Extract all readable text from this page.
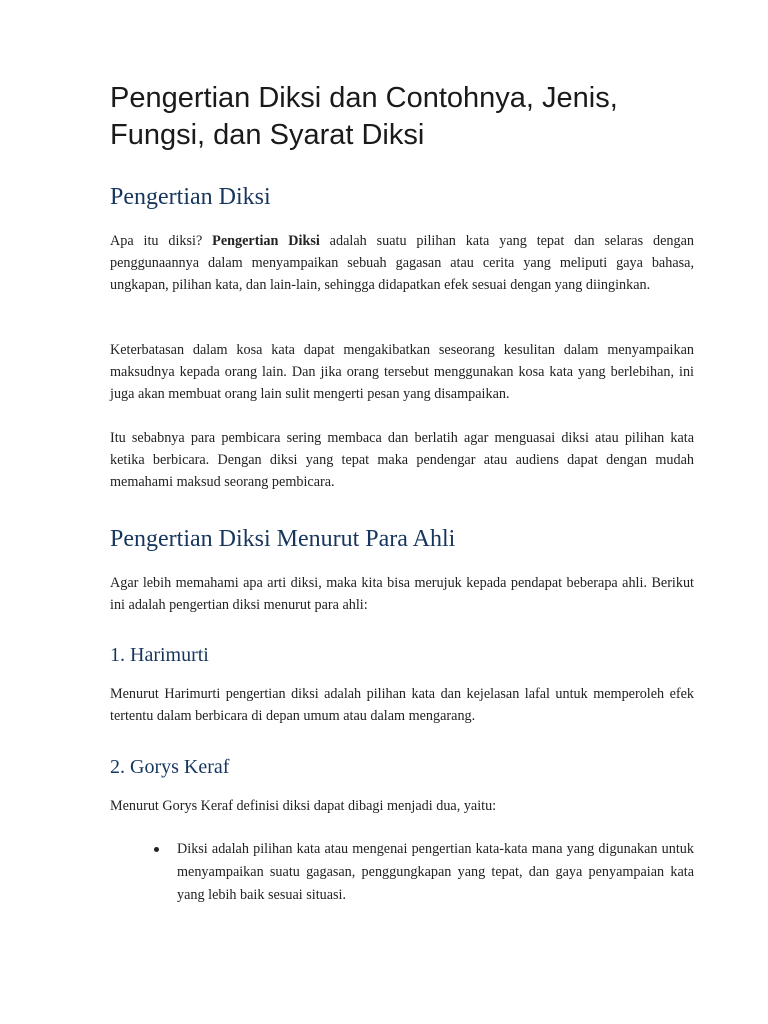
Pengertian Diksi dan Contohnya, Jenis, Fungsi, dan Syarat Diksi
Pengertian Diksi

Apa itu diksi? Pengertian Diksi adalah suatu pilihan kata yang tepat dan selaras dengan penggunaannya dalam menyampaikan sebuah gagasan atau cerita yang meliputi gaya bahasa, ungkapan, pilihan kata, dan lain-lain, sehingga didapatkan efek sesuai dengan yang diinginkan.

Keterbatasan dalam kosa kata dapat mengakibatkan seseorang kesulitan dalam menyampaikan maksudnya kepada orang lain. Dan jika orang tersebut menggunakan kosa kata yang berlebihan, ini juga akan membuat orang lain sulit mengerti pesan yang disampaikan.

Itu sebabnya para pembicara sering membaca dan berlatih agar menguasai diksi atau pilihan kata ketika berbicara. Dengan diksi yang tepat maka pendengar atau audiens dapat dengan mudah memahami maksud seorang pembicara.

Pengertian Diksi Menurut Para Ahli

Agar lebih memahami apa arti diksi, maka kita bisa merujuk kepada pendapat beberapa ahli. Berikut ini adalah pengertian diksi menurut para ahli:

1. Harimurti

Menurut Harimurti pengertian diksi adalah pilihan kata dan kejelasan lafal untuk memperoleh efek tertentu dalam berbicara di depan umum atau dalam mengarang.

2. Gorys Keraf

Menurut Gorys Keraf definisi diksi dapat dibagi menjadi dua, yaitu:

Diksi adalah pilihan kata atau mengenai pengertian kata-kata mana yang digunakan untuk menyampaikan suatu gagasan, penggungkapan yang tepat, dan gaya penyampaian kata yang lebih baik sesuai situasi.
